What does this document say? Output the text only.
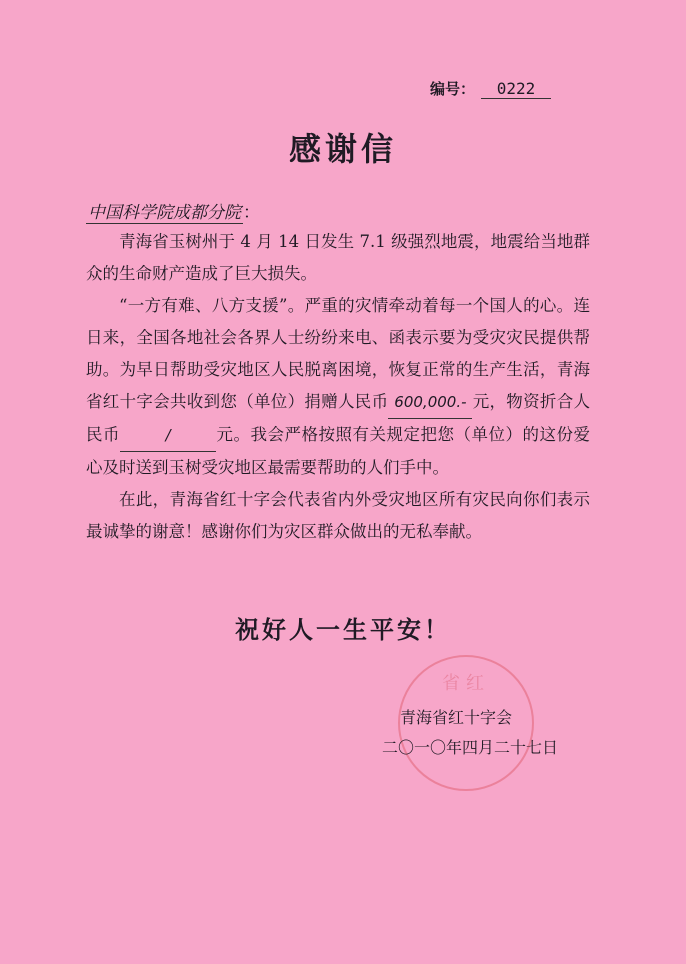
编号： 0222
感谢信
中国科学院成都分院 ：

青海省玉树州于 4 月 14 日发生 7.1 级强烈地震，地震给当地群众的生命财产造成了巨大损失。

“一方有难、八方支援”。严重的灾情牵动着每一个国人的心。连日来，全国各地社会各界人士纷纷来电、函表示要为受灾灾民提供帮助。为早日帮助受灾地区人民脱离困境，恢复正常的生产生活，青海省红十字会共收到您（单位）捐赠人民币 600,000.- 元，物资折合人民币	/	元。我会严格按照有关规定把您（单位）的这份爱心及时送到玉树受灾地区最需要帮助的人们手中。

在此，青海省红十字会代表省内外受灾地区所有灾民向你们表示最诚挚的谢意！感谢你们为灾区群众做出的无私奉献。

祝好人一生平安！
省红
青海省红十字会
二〇一〇年四月二十七日
